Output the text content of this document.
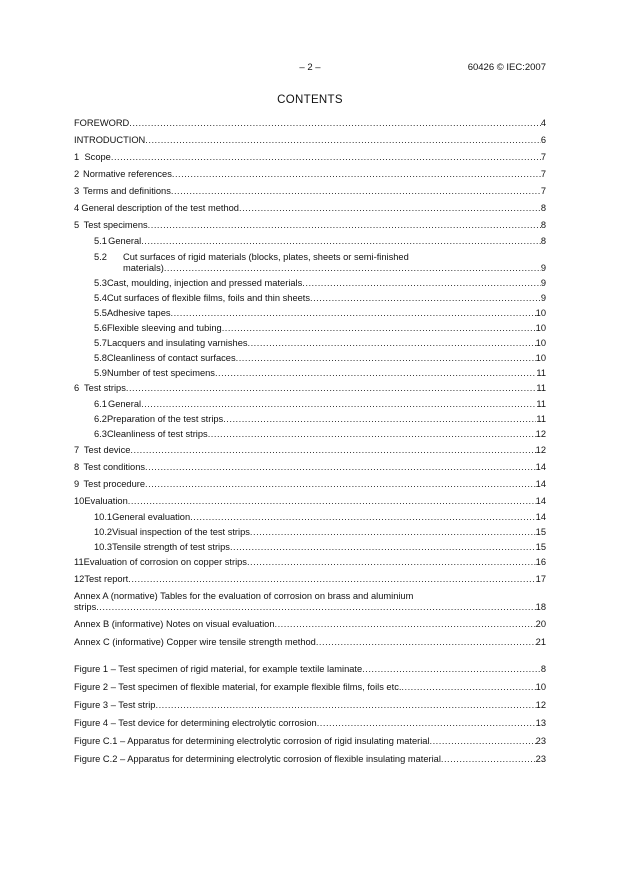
– 2 –	60426 © IEC:2007
CONTENTS
FOREWORD .....	4
INTRODUCTION .....	6
1 Scope .....	7
2 Normative references .....	7
3 Terms and definitions .....	7
4 General description of the test method .....	8
5 Test specimens .....	8
5.1 General .....	8
5.2 Cut surfaces of rigid materials (blocks, plates, sheets or semi-finished
materials) .....	9
5.3 Cast, moulding, injection and pressed materials .....	9
5.4 Cut surfaces of flexible films, foils and thin sheets .....	9
5.5 Adhesive tapes .....	10
5.6 Flexible sleeving and tubing .....	10
5.7 Lacquers and insulating varnishes .....	10
5.8 Cleanliness of contact surfaces .....	10
5.9 Number of test specimens .....	11
6 Test strips .....	11
6.1 General .....	11
6.2 Preparation of the test strips .....	11
6.3 Cleanliness of test strips .....	12
7 Test device .....	12
8 Test conditions .....	14
9 Test procedure .....	14
10 Evaluation .....	14
10.1 General evaluation .....	14
10.2 Visual inspection of the test strips .....	15
10.3 Tensile strength of test strips .....	15
11 Evaluation of corrosion on copper strips .....	16
12 Test report .....	17
Annex A (normative) Tables for the evaluation of corrosion on brass and aluminium
strips .....	18
Annex B (informative) Notes on visual evaluation .....	20
Annex C (informative) Copper wire tensile strength method .....	21
Figure 1 – Test specimen of rigid material, for example textile laminate .....	8
Figure 2 – Test specimen of flexible material, for example flexible films, foils etc. .....	10
Figure 3 – Test strip .....	12
Figure 4 – Test device for determining electrolytic corrosion .....	13
Figure C.1 – Apparatus for determining electrolytic corrosion of rigid insulating material .....	23
Figure C.2 – Apparatus for determining electrolytic corrosion of flexible insulating material .....	23
